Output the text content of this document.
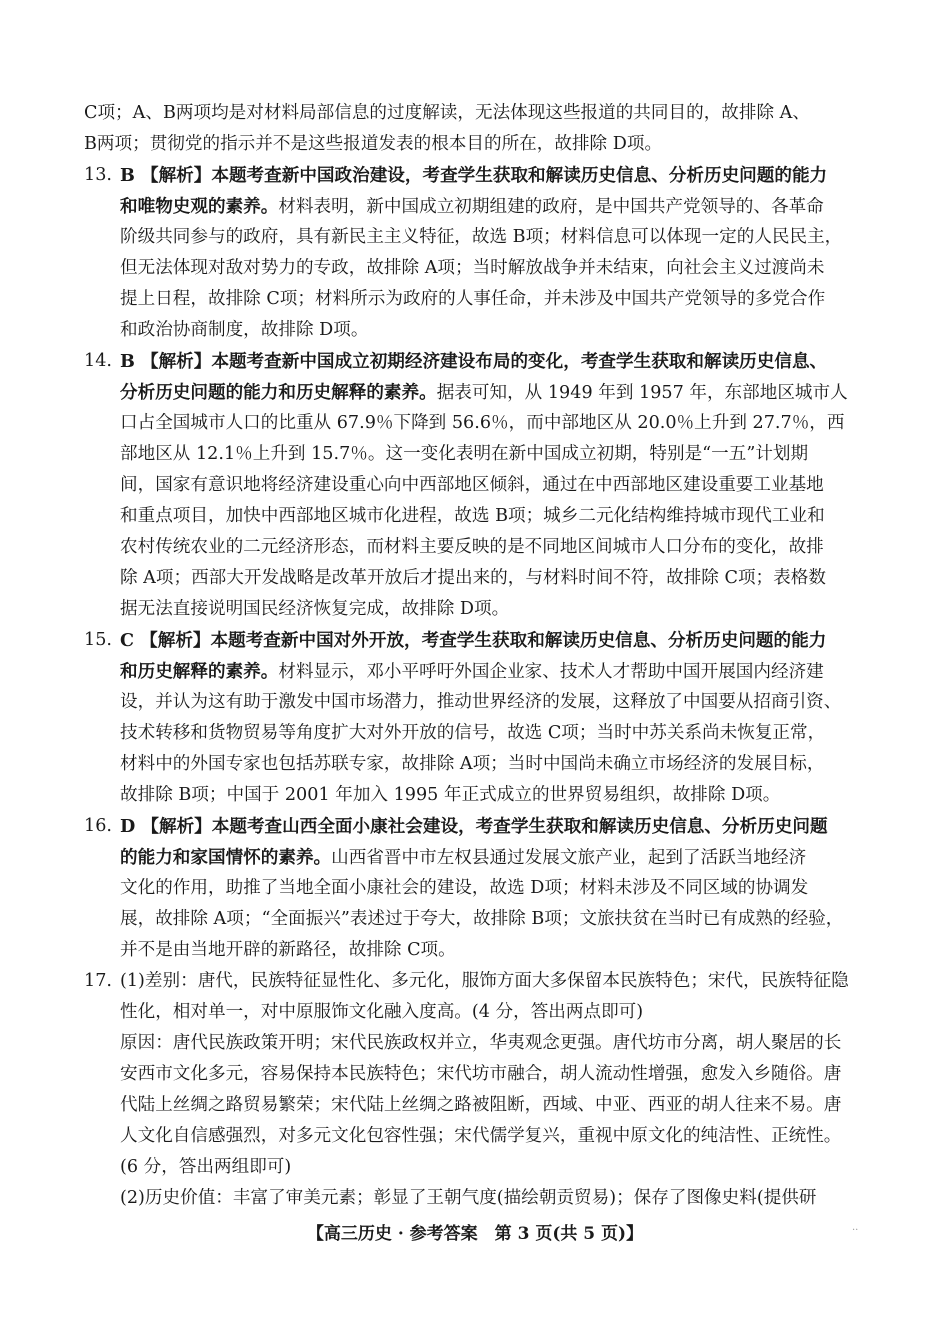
C项；A、B两项均是对材料局部信息的过度解读，无法体现这些报道的共同目的，故排除 A、
B两项；贯彻党的指示并不是这些报道发表的根本目的所在，故排除 D项。
13. B 【解析】本题考查新中国政治建设，考查学生获取和解读历史信息、分析历史问题的能力
和唯物史观的素养。材料表明，新中国成立初期组建的政府，是中国共产党领导的、各革命
阶级共同参与的政府，具有新民主主义特征，故选 B项；材料信息可以体现一定的人民民主，
但无法体现对敌对势力的专政，故排除 A项；当时解放战争并未结束，向社会主义过渡尚未
提上日程，故排除 C项；材料所示为政府的人事任命，并未涉及中国共产党领导的多党合作
和政治协商制度，故排除 D项。
14. B 【解析】本题考查新中国成立初期经济建设布局的变化，考查学生获取和解读历史信息、
分析历史问题的能力和历史解释的素养。据表可知，从 1949 年到 1957 年，东部地区城市人
口占全国城市人口的比重从 67.9％下降到 56.6％，而中部地区从 20.0％上升到 27.7％，西
部地区从 12.1％上升到 15.7％。这一变化表明在新中国成立初期，特别是“一五”计划期
间，国家有意识地将经济建设重心向中西部地区倾斜，通过在中西部地区建设重要工业基地
和重点项目，加快中西部地区城市化进程，故选 B项；城乡二元化结构维持城市现代工业和
农村传统农业的二元经济形态，而材料主要反映的是不同地区间城市人口分布的变化，故排
除 A项；西部大开发战略是改革开放后才提出来的，与材料时间不符，故排除 C项；表格数
据无法直接说明国民经济恢复完成，故排除 D项。
15. C 【解析】本题考查新中国对外开放，考查学生获取和解读历史信息、分析历史问题的能力
和历史解释的素养。材料显示，邓小平呼吁外国企业家、技术人才帮助中国开展国内经济建
设，并认为这有助于激发中国市场潜力，推动世界经济的发展，这释放了中国要从招商引资、
技术转移和货物贸易等角度扩大对外开放的信号，故选 C项；当时中苏关系尚未恢复正常，
材料中的外国专家也包括苏联专家，故排除 A项；当时中国尚未确立市场经济的发展目标，
故排除 B项；中国于 2001 年加入 1995 年正式成立的世界贸易组织，故排除 D项。
16. D 【解析】本题考查山西全面小康社会建设，考查学生获取和解读历史信息、分析历史问题
的能力和家国情怀的素养。山西省晋中市左权县通过发展文旅产业，起到了活跃当地经济
文化的作用，助推了当地全面小康社会的建设，故选 D项；材料未涉及不同区域的协调发
展，故排除 A项；“全面振兴”表述过于夸大，故排除 B项；文旅扶贫在当时已有成熟的经验，
并不是由当地开辟的新路径，故排除 C项。
17. (1)差别：唐代，民族特征显性化、多元化，服饰方面大多保留本民族特色；宋代，民族特征隐
性化，相对单一，对中原服饰文化融入度高。(4 分，答出两点即可)
原因：唐代民族政策开明；宋代民族政权并立，华夷观念更强。唐代坊市分离，胡人聚居的长
安西市文化多元，容易保持本民族特色；宋代坊市融合，胡人流动性增强，愈发入乡随俗。唐
代陆上丝绸之路贸易繁荣；宋代陆上丝绸之路被阻断，西域、中亚、西亚的胡人往来不易。唐
人文化自信感强烈，对多元文化包容性强；宋代儒学复兴，重视中原文化的纯洁性、正统性。
(6 分，答出两组即可)
(2)历史价值：丰富了审美元素；彰显了王朝气度(描绘朝贡贸易)；保存了图像史料(提供研
【高三历史 · 参考答案　第 3 页(共 5 页)】	..
